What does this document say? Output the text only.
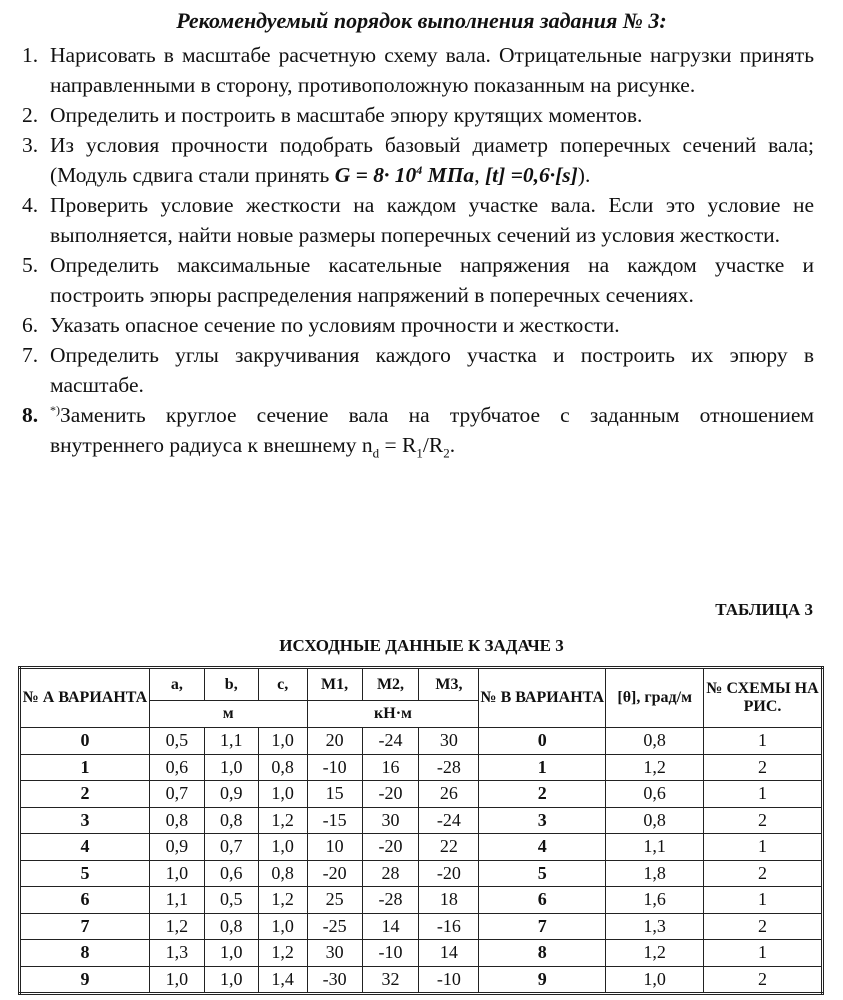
Рекомендуемый порядок выполнения задания № 3:
1. Нарисовать в масштабе расчетную схему вала. Отрицательные нагрузки принять направленными в сторону, противоположную показанным на рисунке.
2. Определить и построить в масштабе эпюру крутящих моментов.
3. Из условия прочности подобрать базовый диаметр поперечных сечений вала; (Модуль сдвига стали принять $G = 8\cdot 10^4$ МПа, [t] =0,6·[s]).
4. Проверить условие жесткости на каждом участке вала. Если это условие не выполняется, найти новые размеры поперечных сечений из условия жесткости.
5. Определить максимальные касательные напряжения на каждом участке и построить эпюры распределения напряжений в поперечных сечениях.
6. Указать опасное сечение по условиям прочности и жесткости.
7. Определить углы закручивания каждого участка и построить их эпюру в масштабе.
8. *)Заменить круглое сечение вала на трубчатое с заданным отношением внутреннего радиуса к внешнему $n_d = R_1/R_2$.
ТАБЛИЦА 3
ИСХОДНЫЕ ДАННЫЕ К ЗАДАЧЕ 3
№ А ВАРИАНТА	a,	b,	c,	M1,	M2,	M3,	№ В ВАРИАНТА	[θ], град/м	№ СХЕМЫ НА РИС.
	м			кН·м					
0	0,5	1,1	1,0	20	-24	30	0	0,8	1
1	0,6	1,0	0,8	-10	16	-28	1	1,2	2
2	0,7	0,9	1,0	15	-20	26	2	0,6	1
3	0,8	0,8	1,2	-15	30	-24	3	0,8	2
4	0,9	0,7	1,0	10	-20	22	4	1,1	1
5	1,0	0,6	0,8	-20	28	-20	5	1,8	2
6	1,1	0,5	1,2	25	-28	18	6	1,6	1
7	1,2	0,8	1,0	-25	14	-16	7	1,3	2
8	1,3	1,0	1,2	30	-10	14	8	1,2	1
9	1,0	1,0	1,4	-30	32	-10	9	1,0	2
